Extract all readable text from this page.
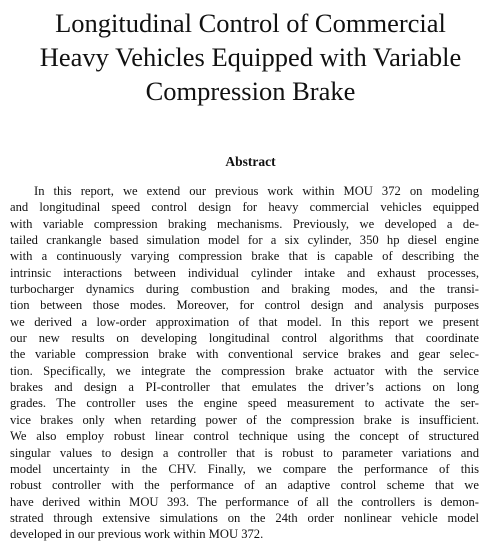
Longitudinal Control of Commercial
Heavy Vehicles Equipped with Variable
Compression Brake
Abstract
In this report, we extend our previous work within MOU 372 on modeling
and longitudinal speed control design for heavy commercial vehicles equipped
with variable compression braking mechanisms. Previously, we developed a de-
tailed crankangle based simulation model for a six cylinder, 350 hp diesel engine
with a continuously varying compression brake that is capable of describing the
intrinsic interactions between individual cylinder intake and exhaust processes,
turbocharger dynamics during combustion and braking modes, and the transi-
tion between those modes. Moreover, for control design and analysis purposes
we derived a low-order approximation of that model. In this report we present
our new results on developing longitudinal control algorithms that coordinate
the variable compression brake with conventional service brakes and gear selec-
tion. Specifically, we integrate the compression brake actuator with the service
brakes and design a PI-controller that emulates the driver’s actions on long
grades. The controller uses the engine speed measurement to activate the ser-
vice brakes only when retarding power of the compression brake is insufficient.
We also employ robust linear control technique using the concept of structured
singular values to design a controller that is robust to parameter variations and
model uncertainty in the CHV. Finally, we compare the performance of this
robust controller with the performance of an adaptive control scheme that we
have derived within MOU 393. The performance of all the controllers is demon-
strated through extensive simulations on the 24th order nonlinear vehicle model
developed in our previous work within MOU 372.
